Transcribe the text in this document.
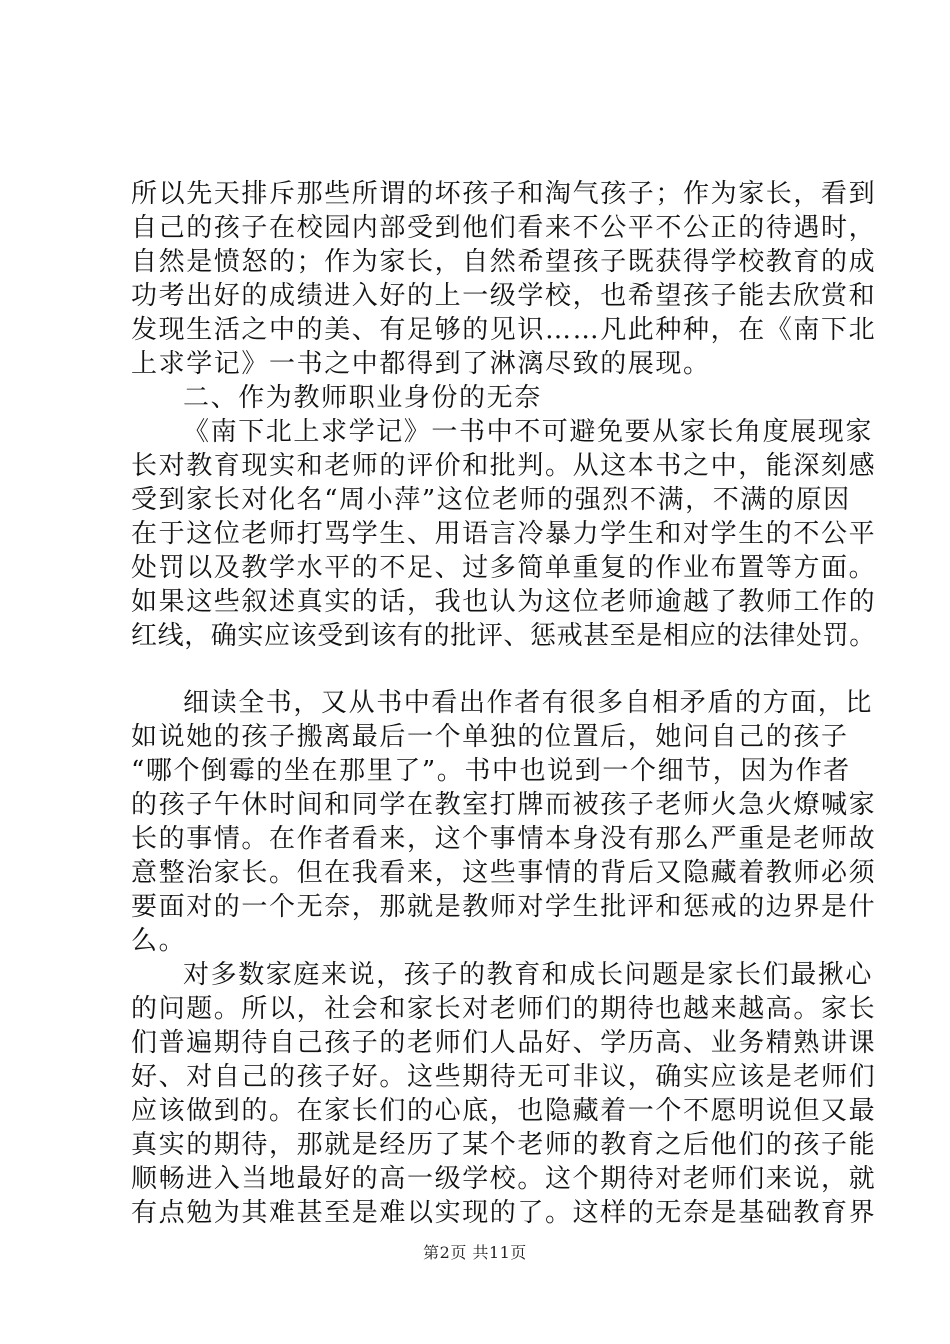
所以先天排斥那些所谓的坏孩子和淘气孩子；作为家长，看到
自己的孩子在校园内部受到他们看来不公平不公正的待遇时，
自然是愤怒的；作为家长，自然希望孩子既获得学校教育的成
功考出好的成绩进入好的上一级学校，也希望孩子能去欣赏和
发现生活之中的美、有足够的见识……凡此种种，在《南下北
上求学记》一书之中都得到了淋漓尽致的展现。
二、作为教师职业身份的无奈
《南下北上求学记》一书中不可避免要从家长角度展现家
长对教育现实和老师的评价和批判。从这本书之中，能深刻感
受到家长对化名“周小萍”这位老师的强烈不满，不满的原因
在于这位老师打骂学生、用语言冷暴力学生和对学生的不公平
处罚以及教学水平的不足、过多简单重复的作业布置等方面。
如果这些叙述真实的话，我也认为这位老师逾越了教师工作的
红线，确实应该受到该有的批评、惩戒甚至是相应的法律处罚。
细读全书，又从书中看出作者有很多自相矛盾的方面，比
如说她的孩子搬离最后一个单独的位置后，她问自己的孩子
“哪个倒霉的坐在那里了”。书中也说到一个细节，因为作者
的孩子午休时间和同学在教室打牌而被孩子老师火急火燎喊家
长的事情。在作者看来，这个事情本身没有那么严重是老师故
意整治家长。但在我看来，这些事情的背后又隐藏着教师必须
要面对的一个无奈，那就是教师对学生批评和惩戒的边界是什
么。
对多数家庭来说，孩子的教育和成长问题是家长们最揪心
的问题。所以，社会和家长对老师们的期待也越来越高。家长
们普遍期待自己孩子的老师们人品好、学历高、业务精熟讲课
好、对自己的孩子好。这些期待无可非议，确实应该是老师们
应该做到的。在家长们的心底，也隐藏着一个不愿明说但又最
真实的期待，那就是经历了某个老师的教育之后他们的孩子能
顺畅进入当地最好的高一级学校。这个期待对老师们来说，就
有点勉为其难甚至是难以实现的了。这样的无奈是基础教育界
第2页 共11页
